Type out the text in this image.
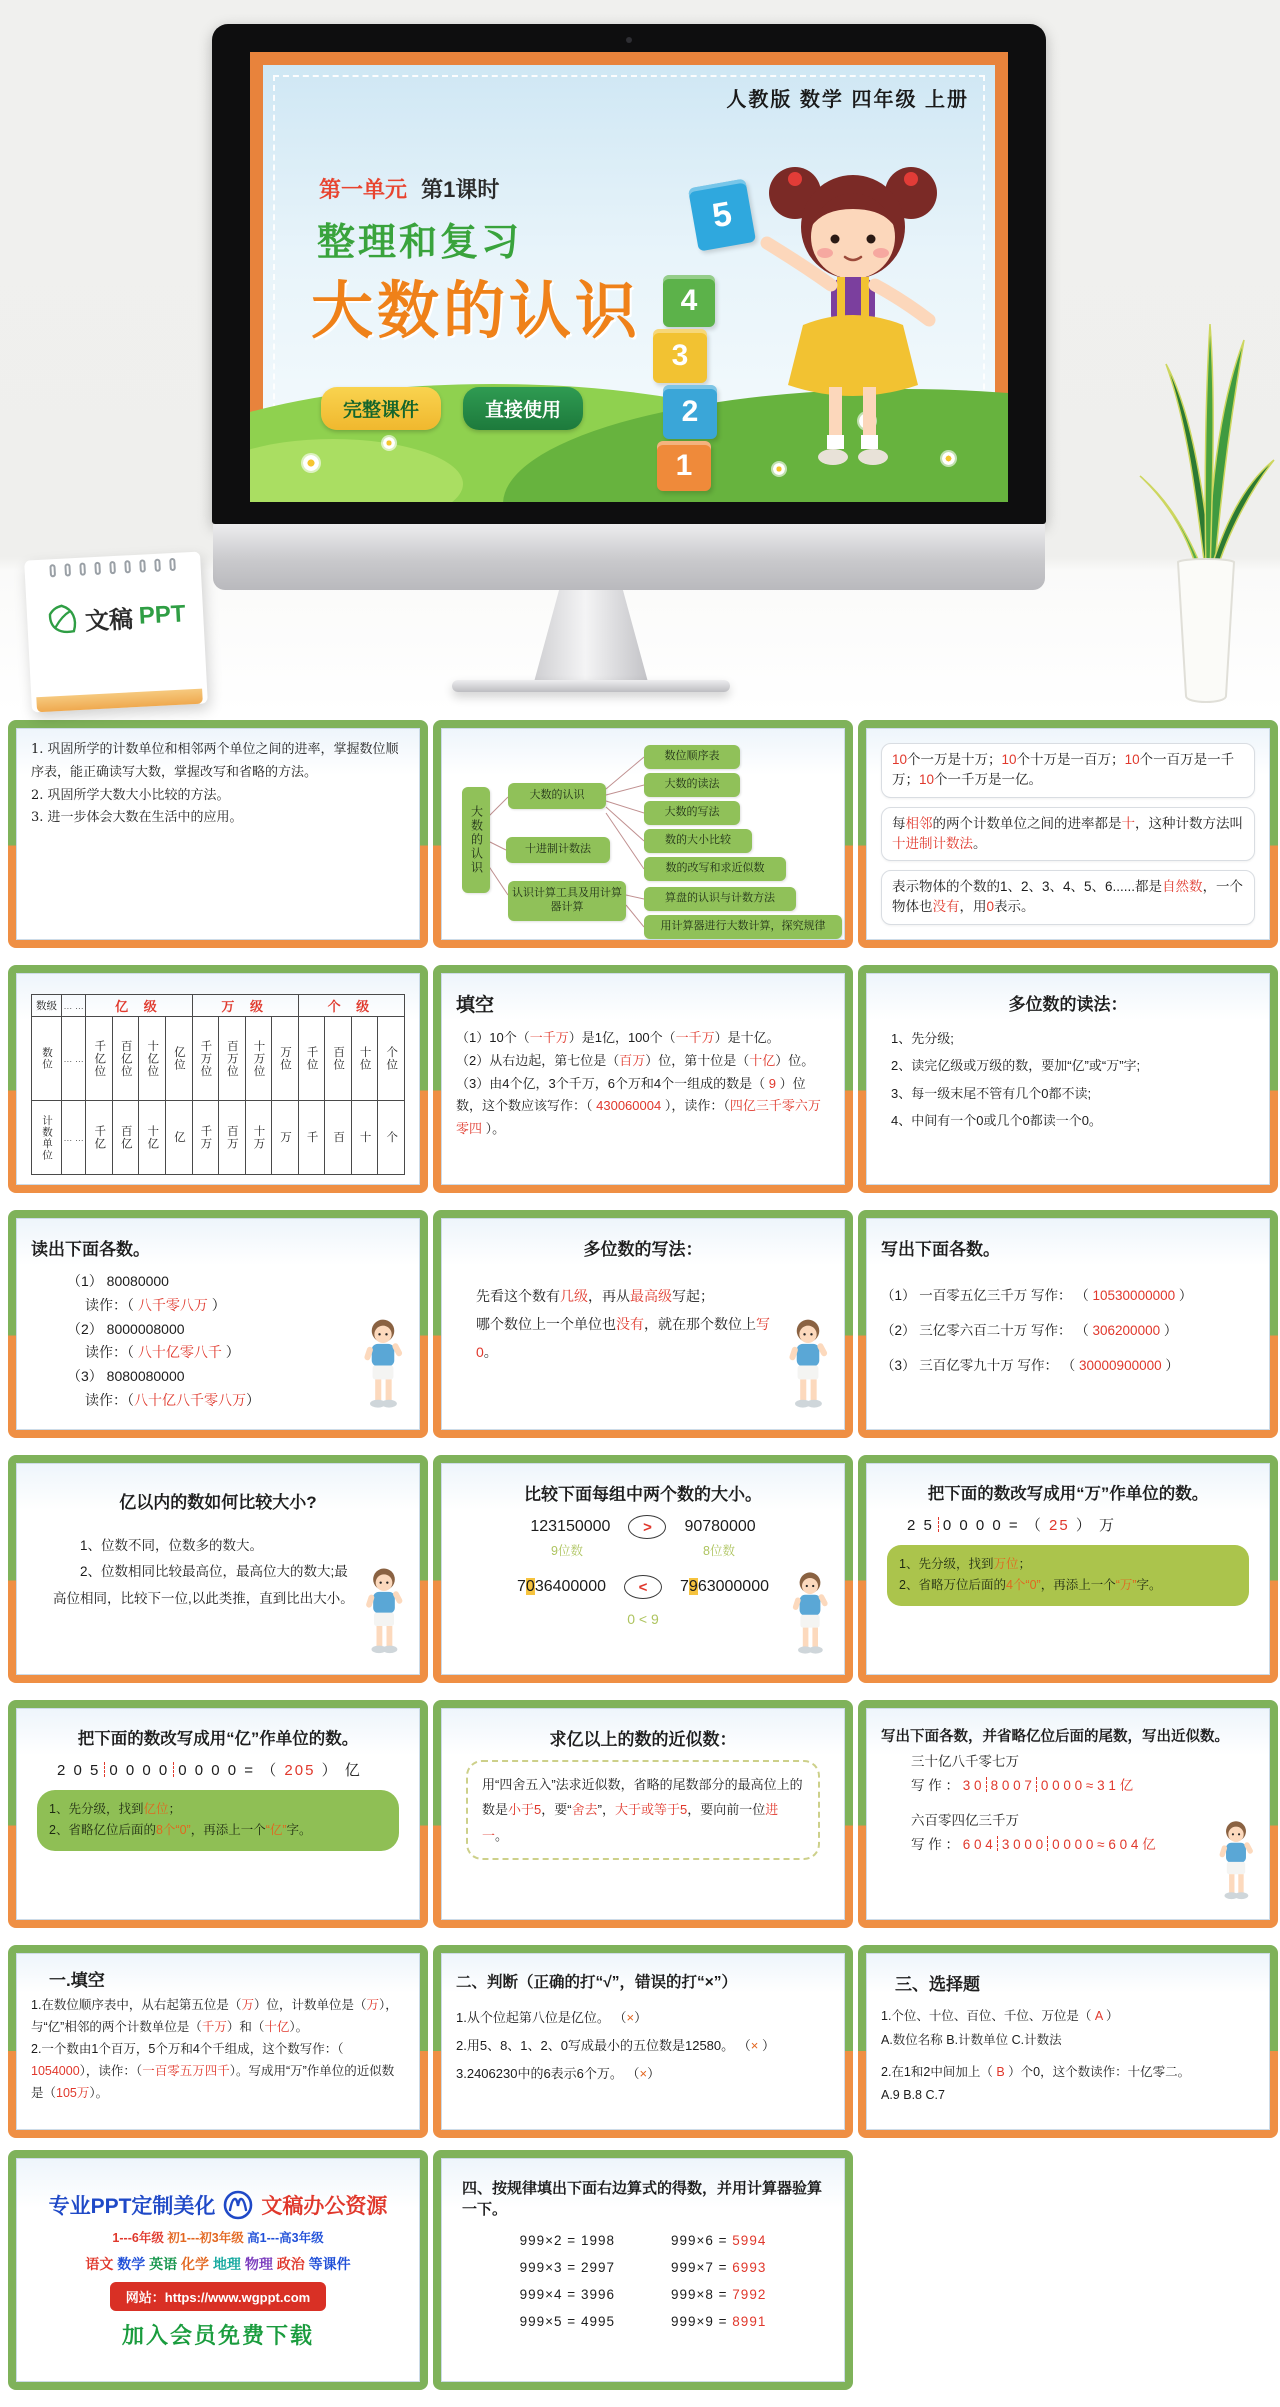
人教版 数学 四年级 上册
第一单元 第1课时
整理和复习
大数的认识
完整课件	直接使用
5
4
3
2
1
文稿 PPT
1. 巩固所学的计数单位和相邻两个单位之间的进率，掌握数位顺序表，能正确读写大数，掌握改写和省略的方法。
2. 巩固所学大数大小比较的方法。
3. 进一步体会大数在生活中的应用。	大数的认识
大数的认识
十进制计数法
认识计算工具及用计算器计算
数位顺序表
大数的读法
大数的写法
数的大小比较
数的改写和求近似数
算盘的认识与计数方法
用计算器进行大数计算，探究规律
10个一万是十万；10个十万是一百万；10个一百万是一千万；10个一千万是一亿。
每相邻的两个计数单位之间的进率都是十，这种计数方法叫十进制计数法。
表示物体的个数的1、2、3、4、5、6......都是自然数，一个物体也没有，用0表示。
数级	… …	亿 级				万 级				个 级			

数位	… …	千亿位	百亿位	十亿位	亿位	千万位	百万位	十万位	万位	千位	百位	十位	个位

计数单位	… …	千亿	百亿	十亿	亿	千万	百万	十万	万	千	百	十	个
填空
（1）10个（一千万）是1亿，100个（一千万）是十亿。
（2）从右边起，第七位是（百万）位，第十位是（十亿）位。
（3）由4个亿，3个千万，6个万和4个一组成的数是（ 9 ）位数，这个数应该写作：（ 430060004 ），读作：（四亿三千零六万零四 ）。
多位数的读法：
1、先分级;
2、读完亿级或万级的数，要加“亿”或“万”字;
3、每一级末尾不管有几个0都不读;
4、中间有一个0或几个0都读一个0。
读出下面各数。
（1） 80080000
读作：（ 八千零八万 ）
（2） 8000008000
读作：（ 八十亿零八千 ）
（3） 8080080000
读作：（八十亿八千零八万）
多位数的写法：
先看这个数有几级，再从最高级写起；
哪个数位上一个单位也没有，就在那个数位上写0。
写出下面各数。
（1） 一百零五亿三千万 写作： （ 10530000000 ）
（2） 三亿零六百二十万 写作： （ 306200000 ）
（3） 三百亿零九十万 写作： （ 30000900000 ）
亿以内的数如何比较大小?
1、位数不同，位数多的数大。
2、位数相同比较最高位，最高位大的数大;最高位相同，比较下一位,以此类推，直到比出大小。
比较下面每组中两个数的大小。
123150000	>	90780000
9位数	8位数
7036400000	<	7963000000
0 < 9
把下面的数改写成用“万”作单位的数。
2 5 0 0 0 0 = （ 25 ） 万
1、先分级，找到万位；
2、省略万位后面的4个“0”，再添上一个“万”字。
把下面的数改写成用“亿”作单位的数。
2 0 5 0 0 0 0 0 0 0 0 = （ 205 ） 亿
1、先分级，找到亿位；
2、省略亿位后面的8个“0”，再添上一个“亿”字。
求亿以上的数的近似数：
用“四舍五入”法求近似数，省略的尾数部分的最高位上的数是小于5，要“舍去”，大于或等于5，要向前一位进一。
写出下面各数，并省略亿位后面的尾数，写出近似数。
三十亿八千零七万
写 作 ： 3 0 8 0 0 7 0 0 0 0 ≈ 3 1 亿
六百零四亿三千万
写 作 ： 6 0 4 3 0 0 0 0 0 0 0 ≈ 6 0 4 亿
一.填空
1.在数位顺序表中，从右起第五位是（万）位，计数单位是（万），与“亿”相邻的两个计数单位是（千万）和（十亿）。
2.一个数由1个百万，5个万和4个千组成，这个数写作：（ 1054000），读作：（一百零五万四千）。写成用“万”作单位的近似数是（105万）。
二、判断（正确的打“√”，错误的打“×”）
1.从个位起第八位是亿位。 （×）
2.用5、8、1、2、0写成最小的五位数是12580。 （× ）
3.2406230中的6表示6个万。 （×）
三、选择题
1.个位、十位、百位、千位、万位是（ A ）
A.数位名称 B.计数单位 C.计数法
2.在1和2中间加上（ B ）个0，这个数读作：十亿零二。
A.9 B.8 C.7
专业PPT定制美化 文稿办公资源
1---6年级 初1---初3年级 高1---高3年级
语文 数学 英语 化学 地理 物理 政治 等课件
网站：https://www.wgppt.com
加入会员免费下载
四、按规律填出下面右边算式的得数，并用计算器验算一下。
999×2 = 1998	999×6 = 5994
999×3 = 2997	999×7 = 6993
999×4 = 3996	999×8 = 7992
999×5 = 4995	999×9 = 8991
